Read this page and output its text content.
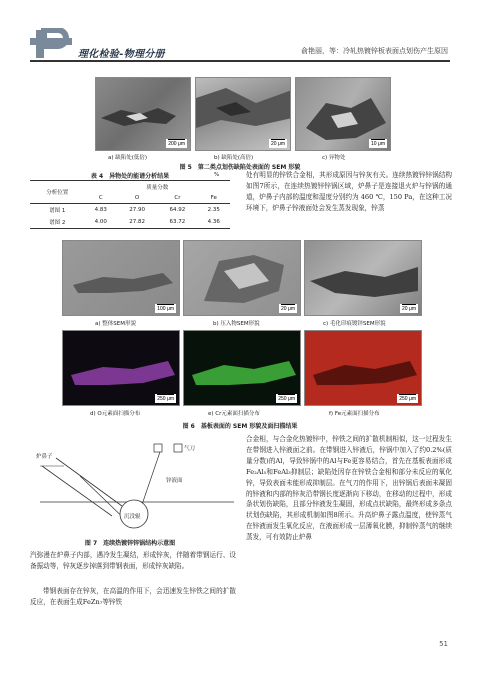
理化检验-物理分册	俞艳丽，等：冷轧热镀锌板表面点划伤产生原因
200 μm	20 μm	10 μm
a) 缺陷处(低倍)	b) 缺陷处(高倍)	c) 异物处
图 5　第二类点划伤缺陷处表面的 SEM 形貌
表 4　异物处的能谱分析结果	%
分析位置	质量分数			
	C	O	Cr	Fe
谱图 1	4.83	27.90	64.92	2.35
谱图 2	4.00	27.82	63.72	4.36
处有明显的锌铁合金相，其形成原因与锌灰有关。连续热镀锌锌锅结构如图7所示，在连续热镀锌锌锅区域，炉鼻子是连接退火炉与锌锅的通道，炉鼻子内部的温度和湿度分别约为 460 ℃，150 Pa，在这种工况环境下，炉鼻子锌液面处会发生蒸发现象，锌蒸
100 μm	20 μm	20 μm
a) 整体SEM形貌	b) 压入物SEM形貌	c) 毛化印痕镀锌SEM形貌
250 μm	250 μm	250 μm
d) O元素面扫描分布	e) Cr元素面扫描分布	f) Fe元素面扫描分布
图 6　基板表面的 SEM 形貌及面扫描结果
炉鼻子
气刀
锌液面
沉没辊
图 7　连续热镀锌锌锅结构示意图
汽弥漫在炉鼻子内部，遇冷发生凝结，形成锌灰，伴随着带钢运行、设备振动等，锌灰逐步掉落到带钢表面，形成锌灰缺陷。
带钢表面存在锌灰，在高温的作用下，会迅速发生锌铁之间的扩散反应，在表面生成FeZn₇等锌铁
合金相，与合金化热镀锌中，锌铁之间的扩散机制相似，这一过程发生在带钢进入锌液面之前。在带钢进入锌液后，锌锅中加入了约0.2%(质量分数)的Al，导致锌锅中的Al与Fe更容易结合，首先在基板表面形成Fe₂Al₅和FeAl₃抑制层；缺陷处因存在锌铁合金相和部分未反应的氧化锌，导致表面未能形成抑制层。在气刀的作用下，出锌锅后表面未凝固的锌液和内部的锌灰沿带钢长度逐渐向下移动，在移动的过程中，形成条状划伤缺陷，且部分锌液发生凝固，形成点状缺陷，最终形成多条点状划伤缺陷，其形成机制如图8所示。升高炉鼻子露点温度，使锌蒸气在锌液面发生氧化反应，在液面形成一层薄氧化膜，抑制锌蒸气的继续蒸发，可有效防止炉鼻
51
